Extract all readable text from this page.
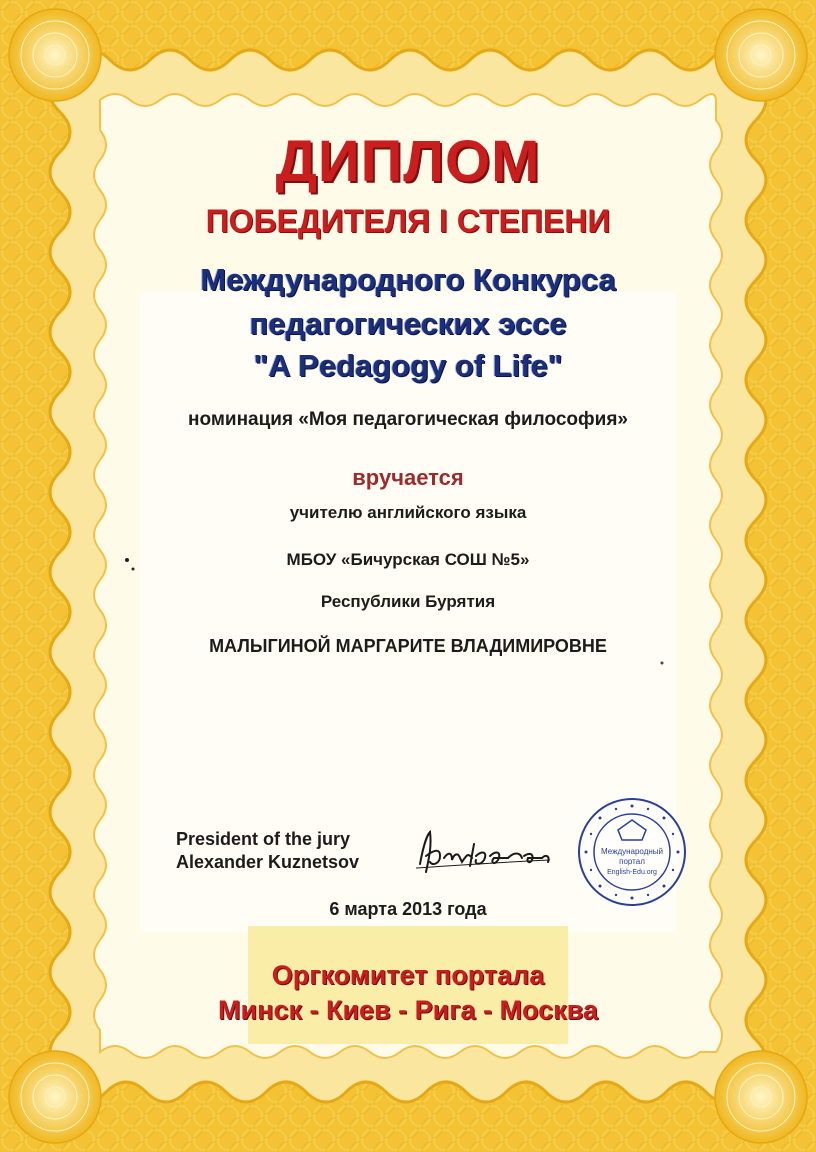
ДИПЛОМ
ПОБЕДИТЕЛЯ I СТЕПЕНИ
Международного Конкурса
педагогических эссе
"A Pedagogy of Life"
номинация «Моя педагогическая философия»
вручается
учителю английского языка
МБОУ «Бичурская СОШ №5»
Республики Бурятия
МАЛЫГИНОЙ МАРГАРИТЕ ВЛАДИМИРОВНЕ
President of the jury
Alexander Kuznetsov
Международный
портал
English-Edu.org
6 марта 2013 года
Оргкомитет портала
Минск - Киев - Рига - Москва
